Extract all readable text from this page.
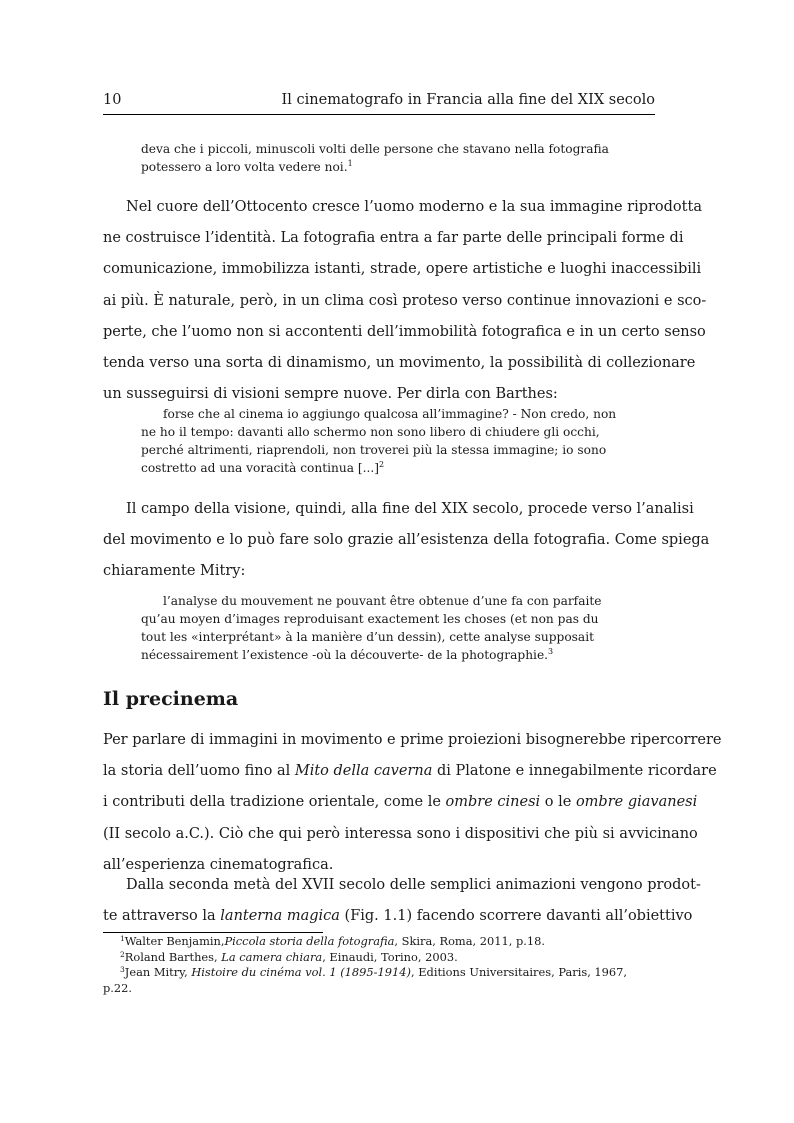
10	Il cinematografo in Francia alla fine del XIX secolo
deva che i piccoli, minuscoli volti delle persone che stavano nella fotografia
potessero a loro volta vedere noi.$^1$
Nel cuore dell’Ottocento cresce l’uomo moderno e la sua immagine riprodotta
ne costruisce l’identità. La fotografia entra a far parte delle principali forme di
comunicazione, immobilizza istanti, strade, opere artistiche e luoghi inaccessibili
ai più. È naturale, però, in un clima così proteso verso continue innovazioni e sco-
perte, che l’uomo non si accontenti dell’immobilità fotografica e in un certo senso
tenda verso una sorta di dinamismo, un movimento, la possibilità di collezionare
un susseguirsi di visioni sempre nuove. Per dirla con Barthes:
forse che al cinema io aggiungo qualcosa all’immagine? - Non credo, non
ne ho il tempo: davanti allo schermo non sono libero di chiudere gli occhi,
perché altrimenti, riaprendoli, non troverei più la stessa immagine; io sono
costretto ad una voracità continua [...]$^2$
Il campo della visione, quindi, alla fine del XIX secolo, procede verso l’analisi
del movimento e lo può fare solo grazie all’esistenza della fotografia. Come spiega
chiaramente Mitry:
l’analyse du mouvement ne pouvant être obtenue d’une fa con parfaite
qu’au moyen d’images reproduisant exactement les choses (et non pas du
tout les «interprétant» à la manière d’un dessin), cette analyse supposait
nécessairement l’existence -où la découverte- de la photographie.$^3$
Il precinema
Per parlare di immagini in movimento e prime proiezioni bisognerebbe ripercorrere
la storia dell’uomo fino al Mito della caverna di Platone e innegabilmente ricordare
i contributi della tradizione orientale, come le ombre cinesi o le ombre giavanesi
(II secolo a.C.). Ciò che qui però interessa sono i dispositivi che più si avvicinano
all’esperienza cinematografica.
Dalla seconda metà del XVII secolo delle semplici animazioni vengono prodot-
te attraverso la lanterna magica (Fig. 1.1) facendo scorrere davanti all’obiettivo
$^1$Walter Benjamin,Piccola storia della fotografia, Skira, Roma, 2011, p.18.
$^2$Roland Barthes, La camera chiara, Einaudi, Torino, 2003.
$^3$Jean Mitry, Histoire du cinéma vol. 1 (1895-1914), Editions Universitaires, Paris, 1967,
p.22.
